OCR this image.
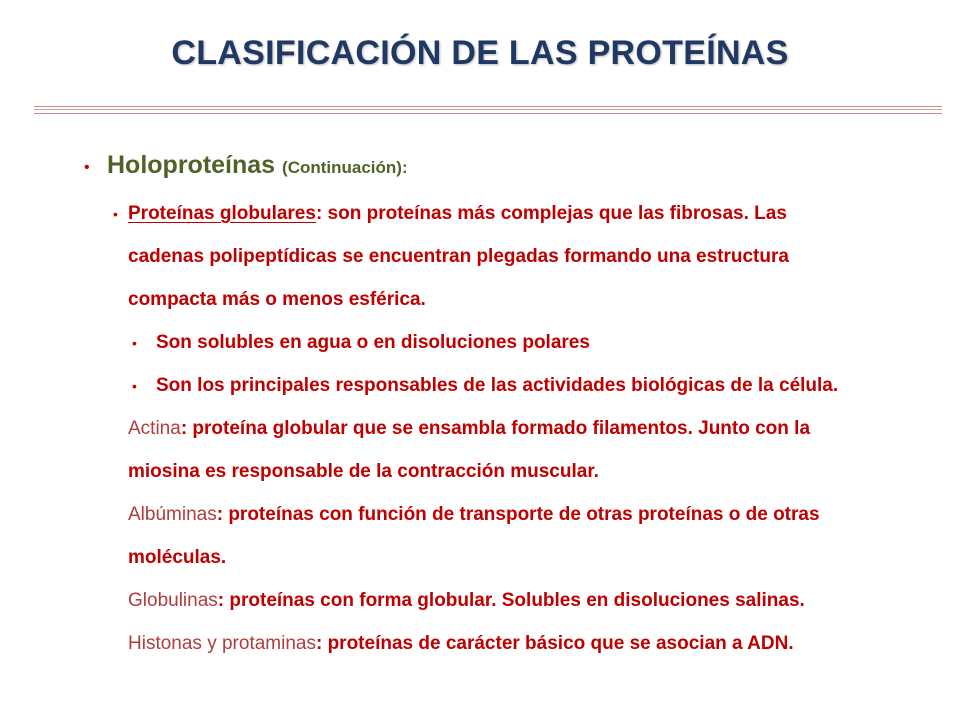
CLASIFICACIÓN DE LAS PROTEÍNAS
• Holoproteínas (Continuación):
• Proteínas globulares: son proteínas más complejas que las fibrosas. Las
cadenas polipeptídicas se encuentran plegadas formando una estructura
compacta más o menos esférica.
• Son solubles en agua o en disoluciones polares
• Son los principales responsables de las actividades biológicas de la célula.
Actina: proteína globular que se ensambla formado filamentos. Junto con la
miosina es responsable de la contracción muscular.
Albúminas: proteínas con función de transporte de otras proteínas o de otras
moléculas.
Globulinas: proteínas con forma globular. Solubles en disoluciones salinas.
Histonas y protaminas: proteínas de carácter básico que se asocian a ADN.
